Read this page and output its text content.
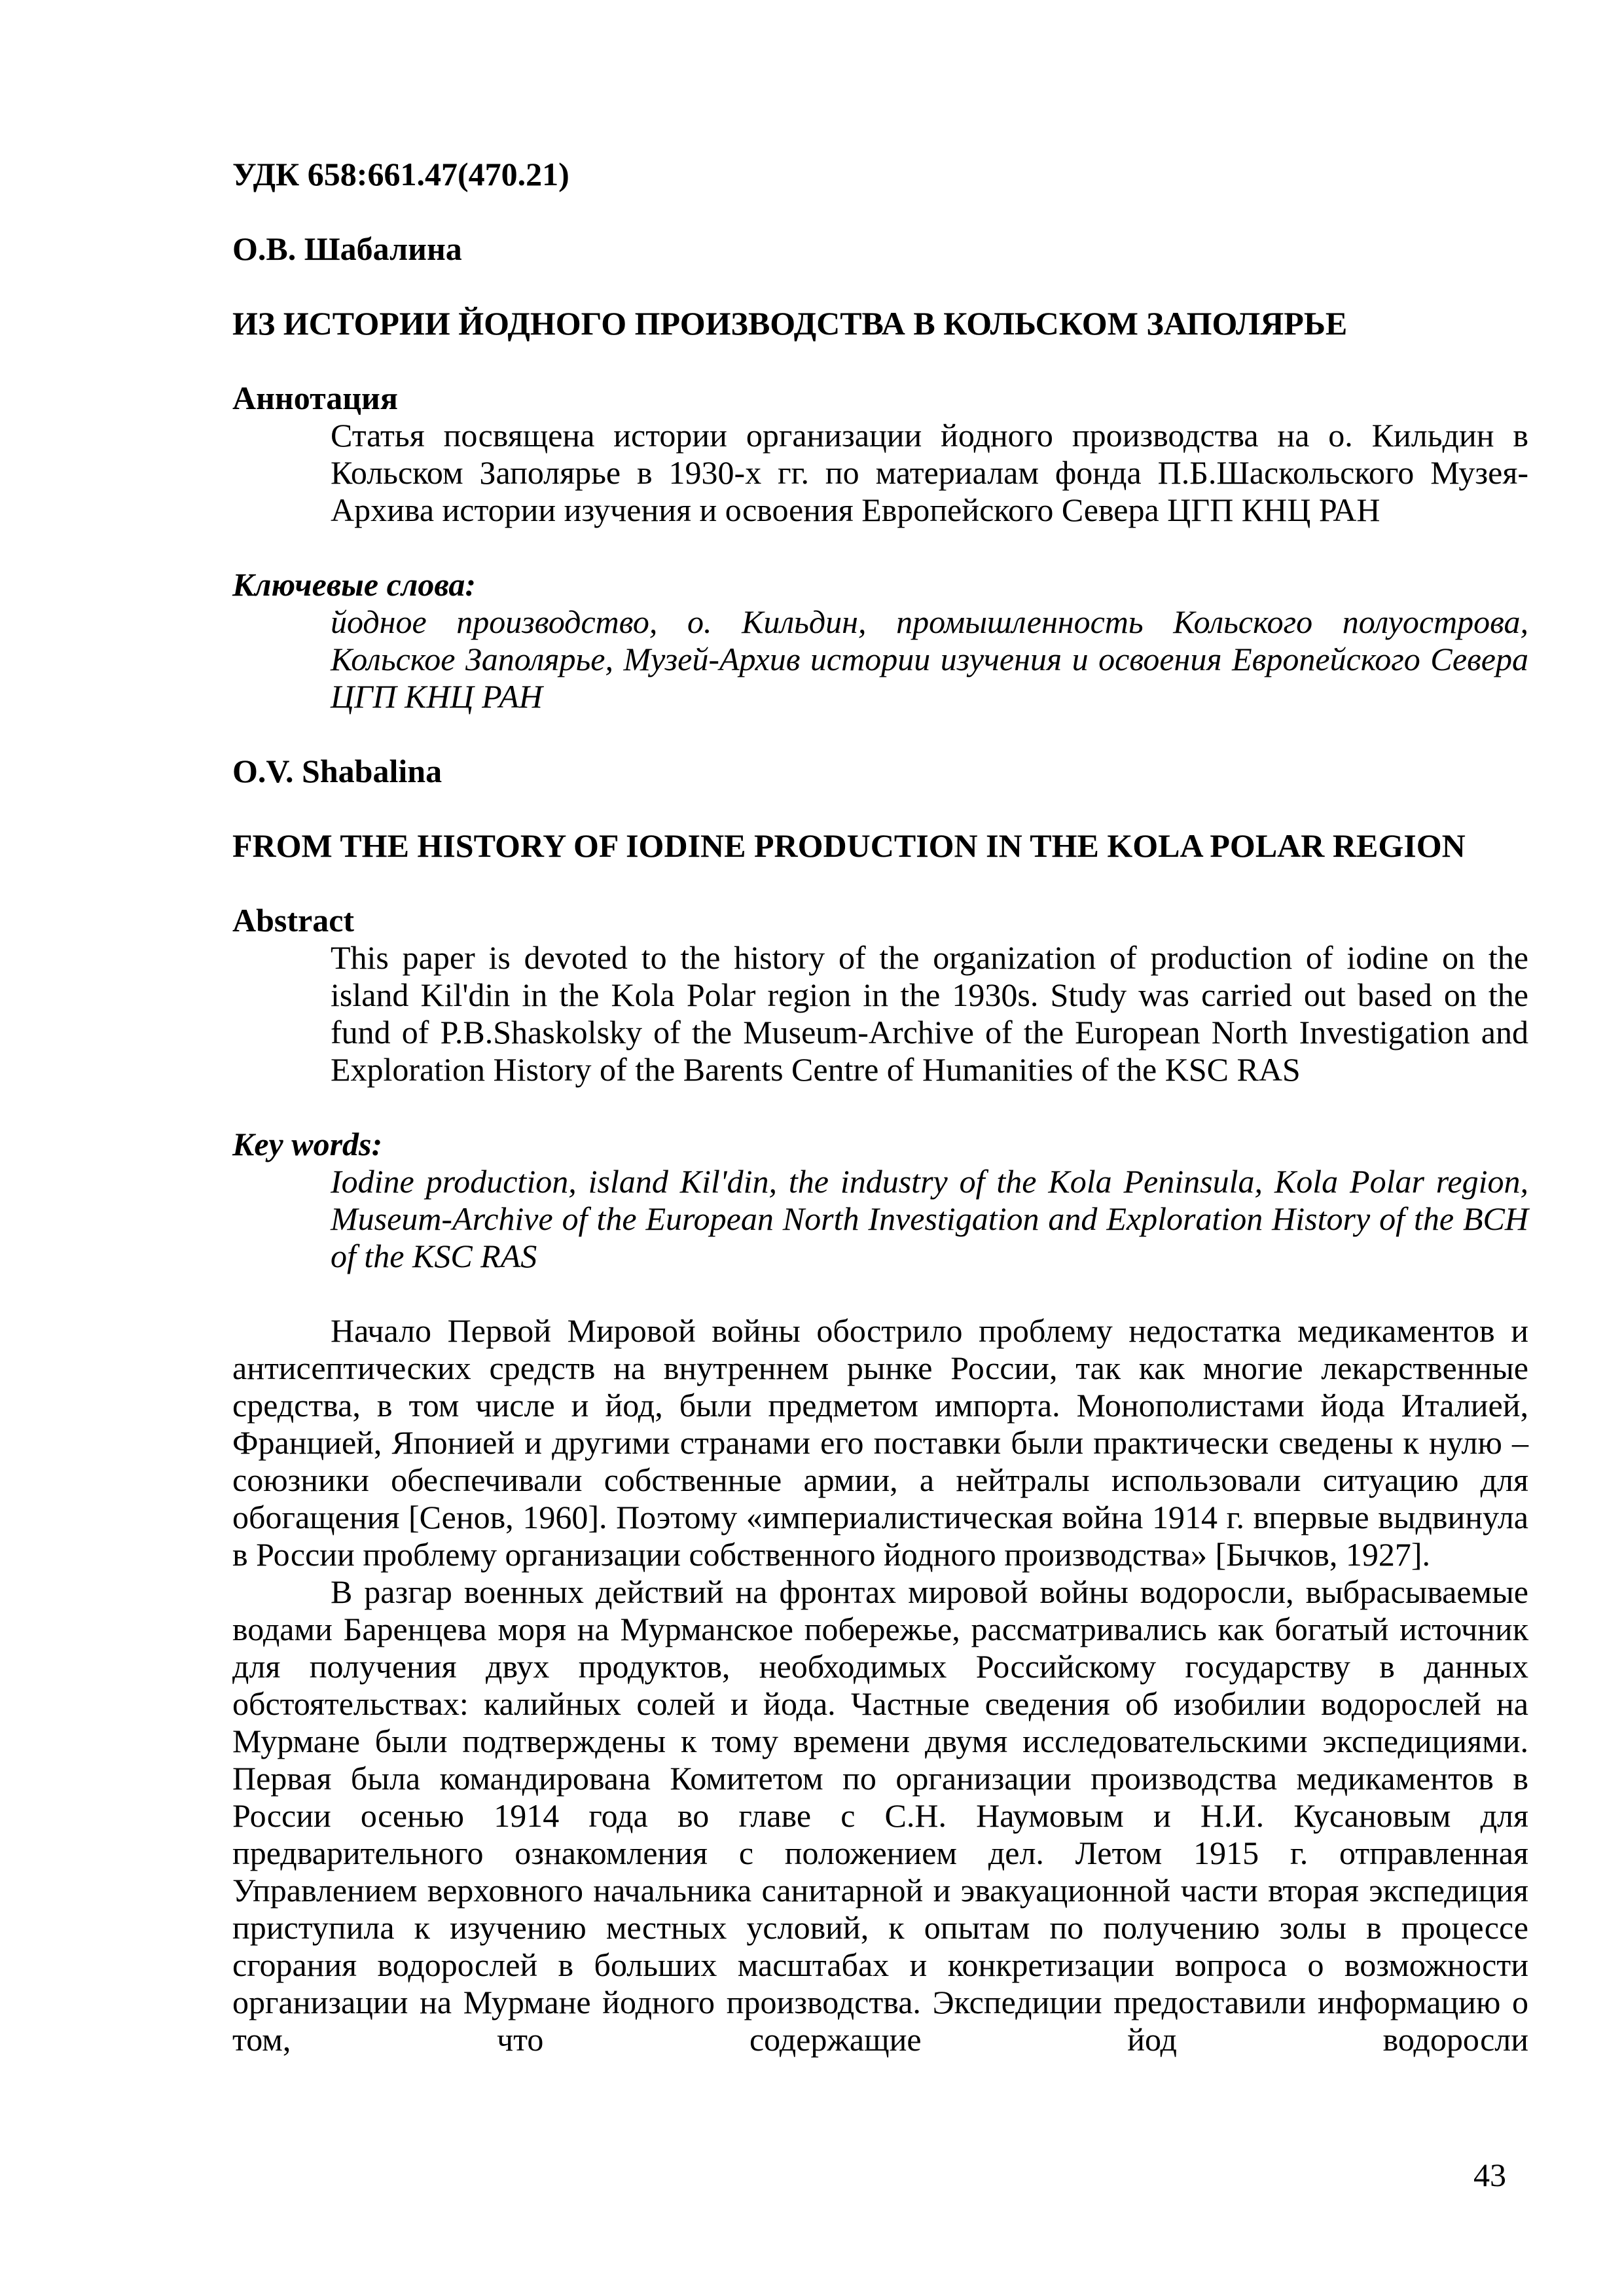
УДК 658:661.47(470.21)
О.В. Шабалина
ИЗ ИСТОРИИ ЙОДНОГО ПРОИЗВОДСТВА В КОЛЬСКОМ ЗАПОЛЯРЬЕ
Аннотация
Статья посвящена истории организации йодного производства на о. Кильдин в Кольском Заполярье в 1930-х гг. по материалам фонда П.Б.Шаскольского Музея-Архива истории изучения и освоения Европейского Севера ЦГП КНЦ РАН
Ключевые слова:
йодное производство, о. Кильдин, промышленность Кольского полуострова, Кольское Заполярье, Музей-Архив истории изучения и освоения Европейского Севера ЦГП КНЦ РАН
O.V. Shabalina
FROM THE HISTORY OF IODINE PRODUCTION IN THE KOLA POLAR REGION
Abstract
This paper is devoted to the history of the organization of production of iodine on the island Kil'din in the Kola Polar region in the 1930s. Study was carried out based on the fund of P.B.Shaskolsky of the Museum-Archive of the European North Investigation and Exploration History of the Barents Centre of Humanities of the KSC RAS
Key words:
Iodine production, island Kil'din, the industry of the Kola Peninsula, Kola Polar region, Museum-Archive of the European North Investigation and Exploration History of the BCH of the KSC RAS
Начало Первой Мировой войны обострило проблему недостатка медикаментов и антисептических средств на внутреннем рынке России, так как многие лекарственные средства, в том числе и йод, были предметом импорта. Монополистами йода Италией, Францией, Японией и другими странами его поставки были практически сведены к нулю – союзники обеспечивали собственные армии, а нейтралы использовали ситуацию для обогащения [Сенов, 1960]. Поэтому «империалистическая война 1914 г. впервые выдвинула в России проблему организации собственного йодного производства» [Бычков, 1927].
В разгар военных действий на фронтах мировой войны водоросли, выбрасываемые водами Баренцева моря на Мурманское побережье, рассматривались как богатый источник для получения двух продуктов, необходимых Российскому государству в данных обстоятельствах: калийных солей и йода. Частные сведения об изобилии водорослей на Мурмане были подтверждены к тому времени двумя исследовательскими экспедициями. Первая была командирована Комитетом по организации производства медикаментов в России осенью 1914 года во главе с С.Н. Наумовым и Н.И. Кусановым для предварительного ознакомления с положением дел. Летом 1915 г. отправленная Управлением верховного начальника санитарной и эвакуационной части вторая экспедиция приступила к изучению местных условий, к опытам по получению золы в процессе сгорания водорослей в больших масштабах и конкретизации вопроса о возможности организации на Мурмане йодного производства. Экспедиции предоставили информацию о том, что содержащие йод водоросли
43
